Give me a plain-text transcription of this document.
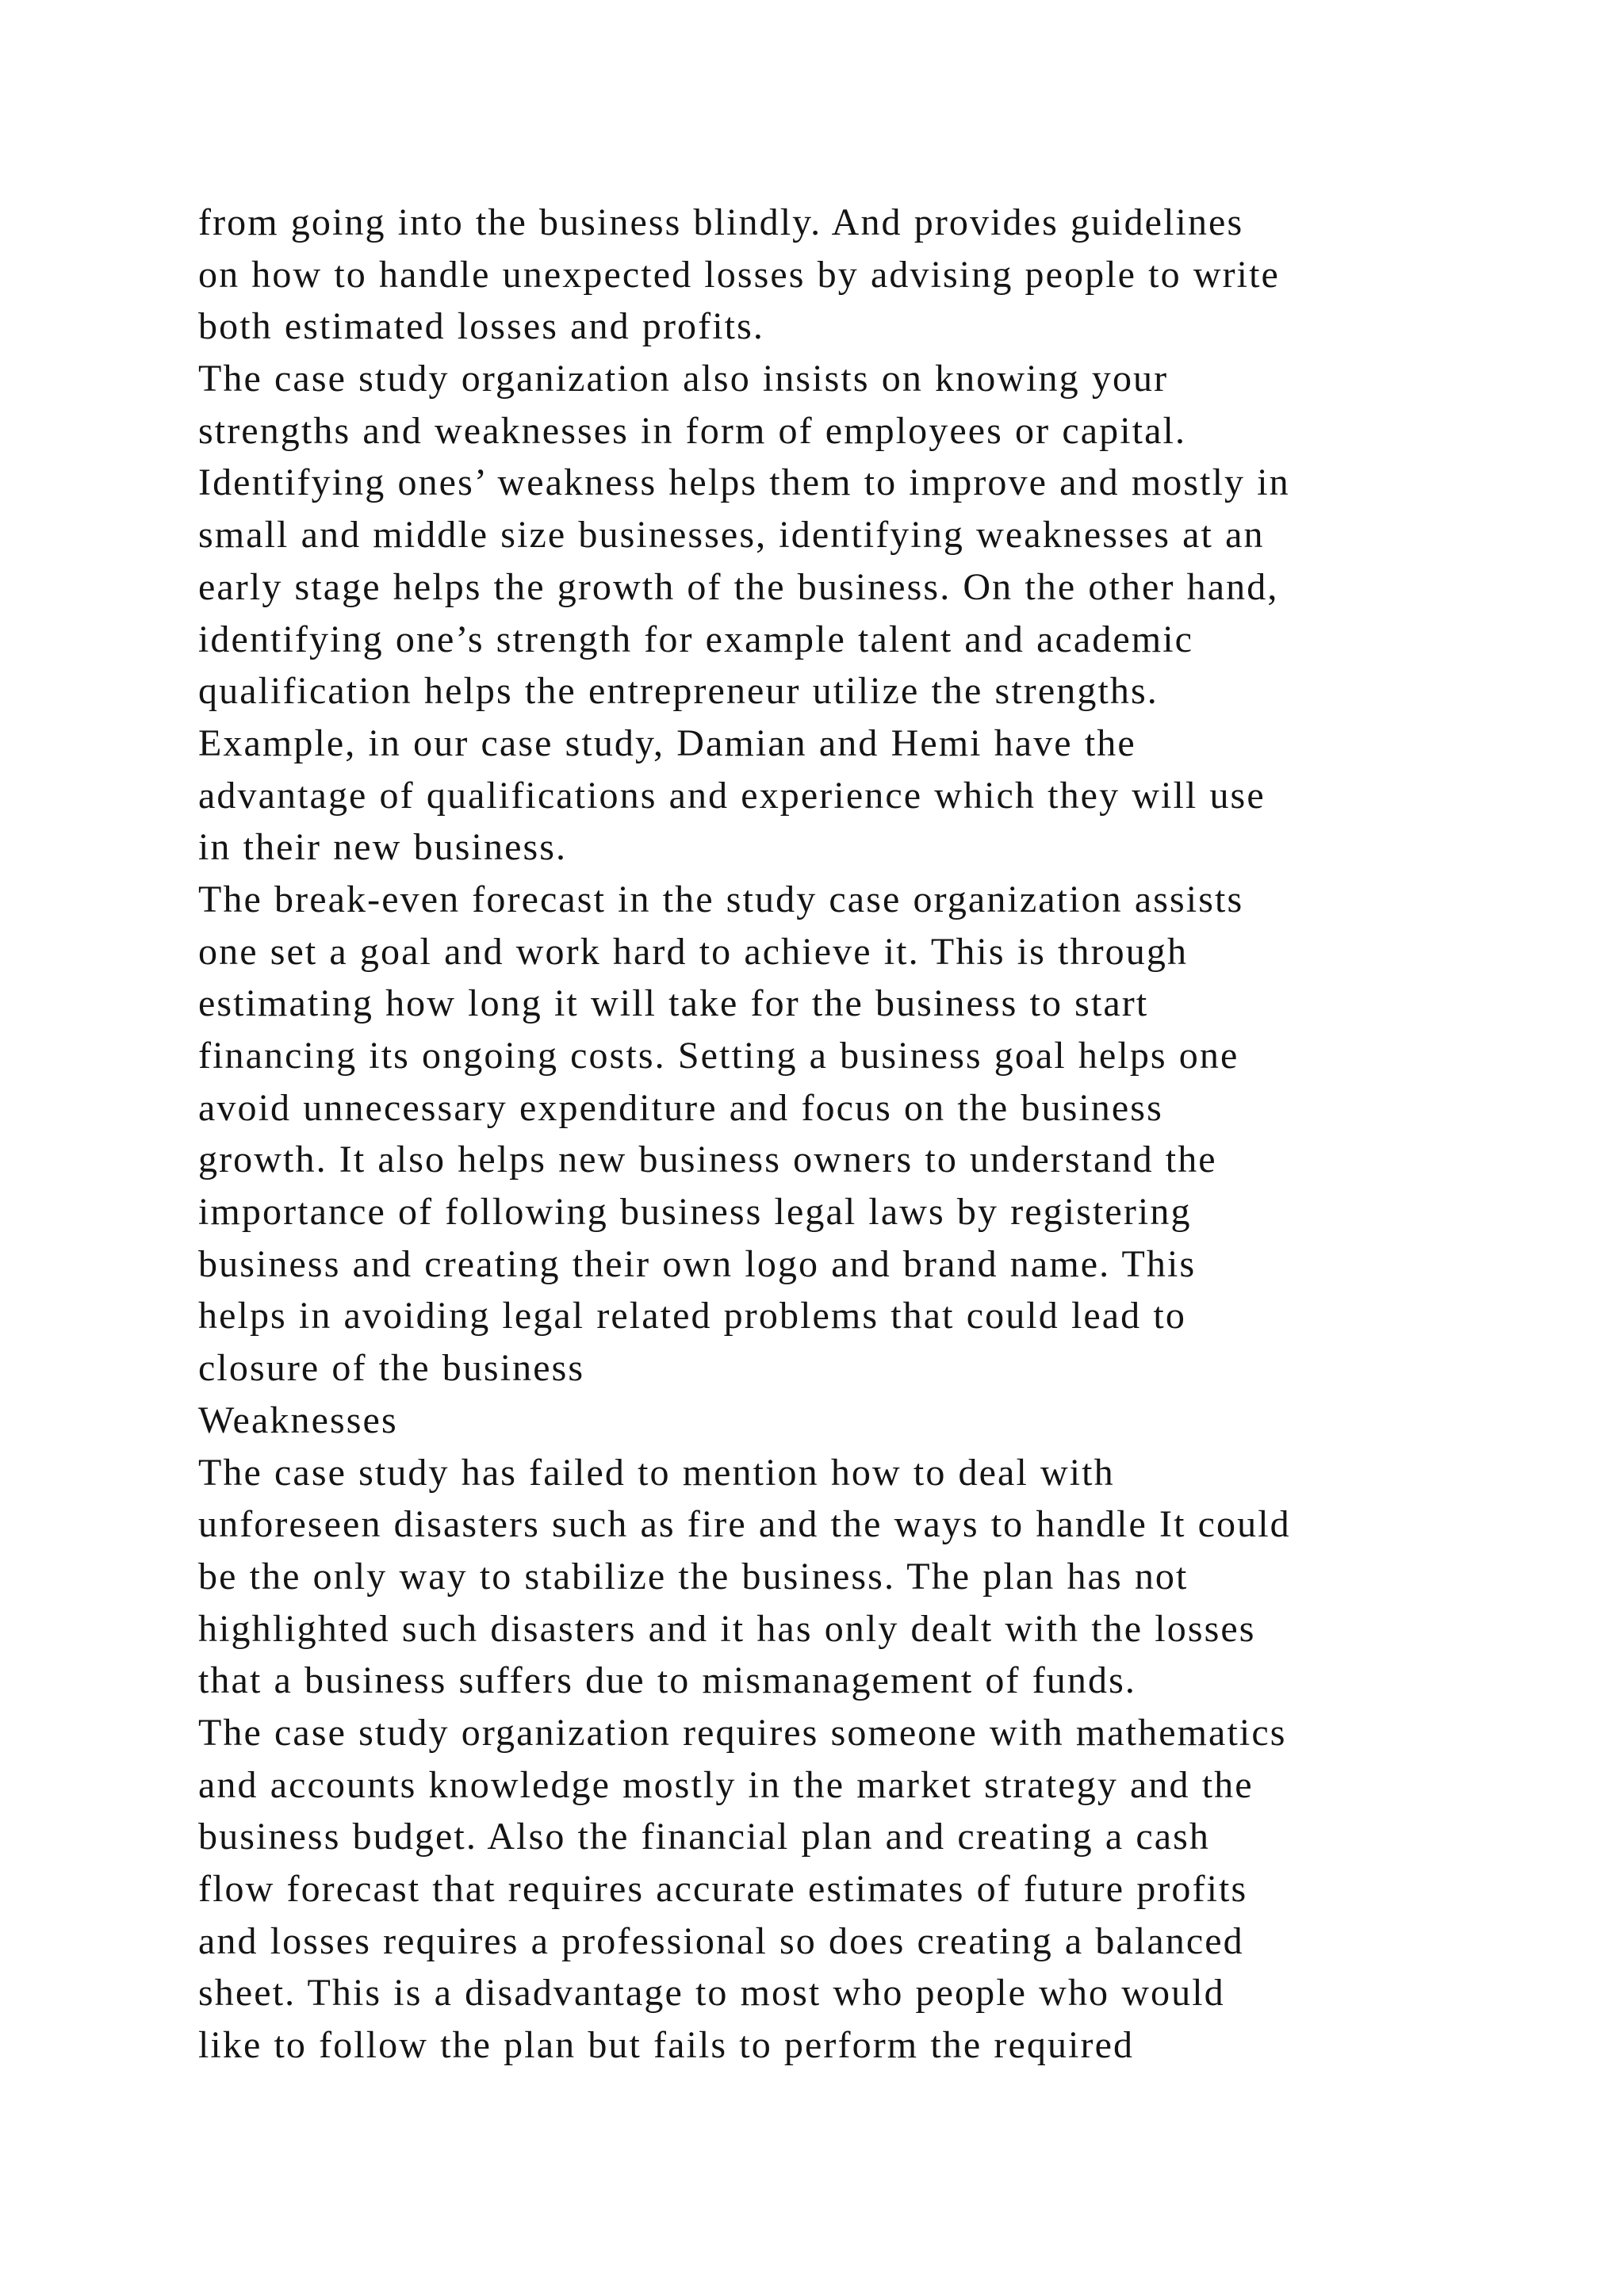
from going into the business blindly. And provides guidelines
on how to handle unexpected losses by advising people to write
both estimated losses and profits.
The case study organization also insists on knowing your
strengths and weaknesses in form of employees or capital.
Identifying ones’ weakness helps them to improve and mostly in
small and middle size businesses, identifying weaknesses at an
early stage helps the growth of the business. On the other hand,
identifying one’s strength for example talent and academic
qualification helps the entrepreneur utilize the strengths.
Example, in our case study, Damian and Hemi have the
advantage of qualifications and experience which they will use
in their new business.
The break-even forecast in the study case organization assists
one set a goal and work hard to achieve it. This is through
estimating how long it will take for the business to start
financing its ongoing costs. Setting a business goal helps one
avoid unnecessary expenditure and focus on the business
growth. It also helps new business owners to understand the
importance of following business legal laws by registering
business and creating their own logo and brand name. This
helps in avoiding legal related problems that could lead to
closure of the business
Weaknesses
The case study has failed to mention how to deal with
unforeseen disasters such as fire and the ways to handle It could
be the only way to stabilize the business. The plan has not
highlighted such disasters and it has only dealt with the losses
that a business suffers due to mismanagement of funds.
The case study organization requires someone with mathematics
and accounts knowledge mostly in the market strategy and the
business budget. Also the financial plan and creating a cash
flow forecast that requires accurate estimates of future profits
and losses requires a professional so does creating a balanced
sheet. This is a disadvantage to most who people who would
like to follow the plan but fails to perform the required
